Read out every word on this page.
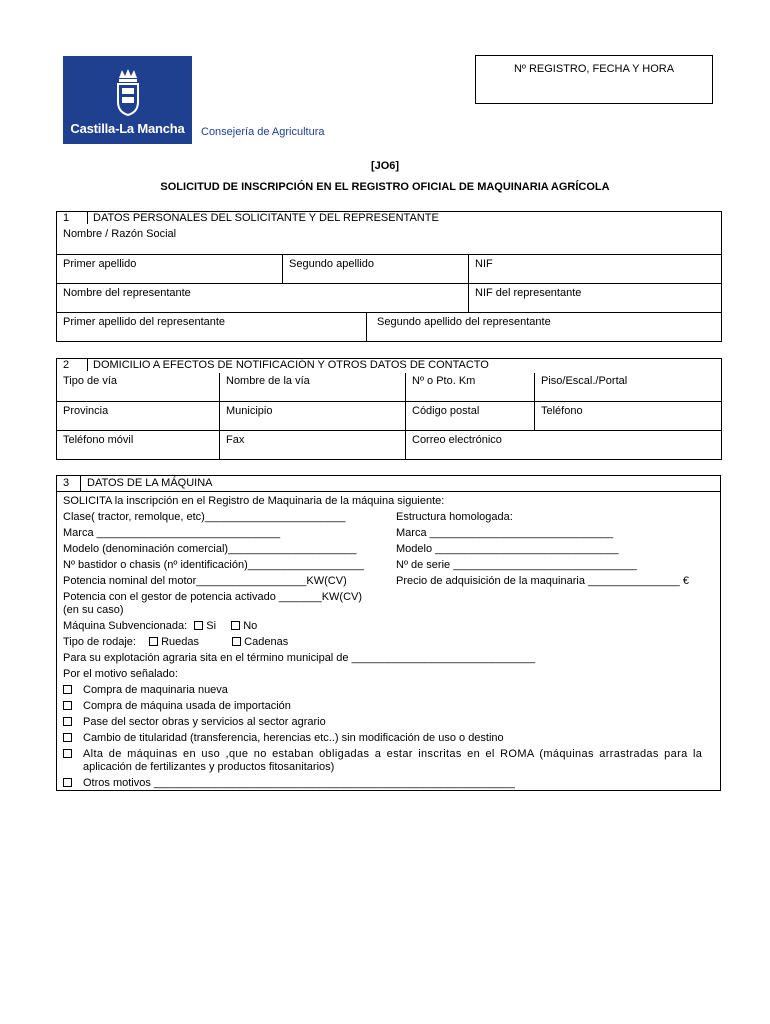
Castilla-La Mancha	Consejería de Agricultura
Nº REGISTRO, FECHA Y HORA
[JO6]
SOLICITUD DE INSCRIPCIÓN EN EL REGISTRO OFICIAL DE MAQUINARIA AGRÍCOLA
1 DATOS PERSONALES DEL SOLICITANTE Y DEL REPRESENTANTE			

Nombre / Razón Social			

Primer apellido	Segundo apellido		NIF

Nombre del representante			NIF del representante

Primer apellido del representante		Segundo apellido del representante	
2 DOMICILIO A EFECTOS DE NOTIFICACIÓN Y OTROS DATOS DE CONTACTO			

Tipo de vía	Nombre de la vía	Nº o Pto. Km	Piso/Escal./Portal

Provincia	Municipio	Código postal	Teléfono

Teléfono móvil	Fax	Correo electrónico	
3	DATOS DE LA MÁQUINA
SOLICITA la inscripción en el Registro de Maquinaria de la máquina siguiente:
Clase( tractor, remolque, etc)_______________________	Estructura homologada:
Marca ______________________________	Marca ______________________________
Modelo (denominación comercial)_____________________	Modelo ______________________________
Nº bastidor o chasis (nº identificación)___________________	Nº de serie ______________________________
Potencia nominal del motor__________________KW(CV)	Precio de adquisición de la maquinaria _______________ €
Potencia con el gestor de potencia activado _______KW(CV)
(en su caso)
Máquina Subvencionada: Si No
Tipo de rodaje: Ruedas	Cadenas
Para su explotación agraria sita en el término municipal de ______________________________
Por el motivo señalado:
Compra de maquinaria nueva
Compra de máquina usada de importación
Pase del sector obras y servicios al sector agrario
Cambio de titularidad (transferencia, herencias etc..) sin modificación de uso o destino
Alta de máquinas en uso ,que no estaban obligadas a estar inscritas en el ROMA (máquinas arrastradas para la
aplicación de fertilizantes y productos fitosanitarios)
Otros motivos ___________________________________________________________
